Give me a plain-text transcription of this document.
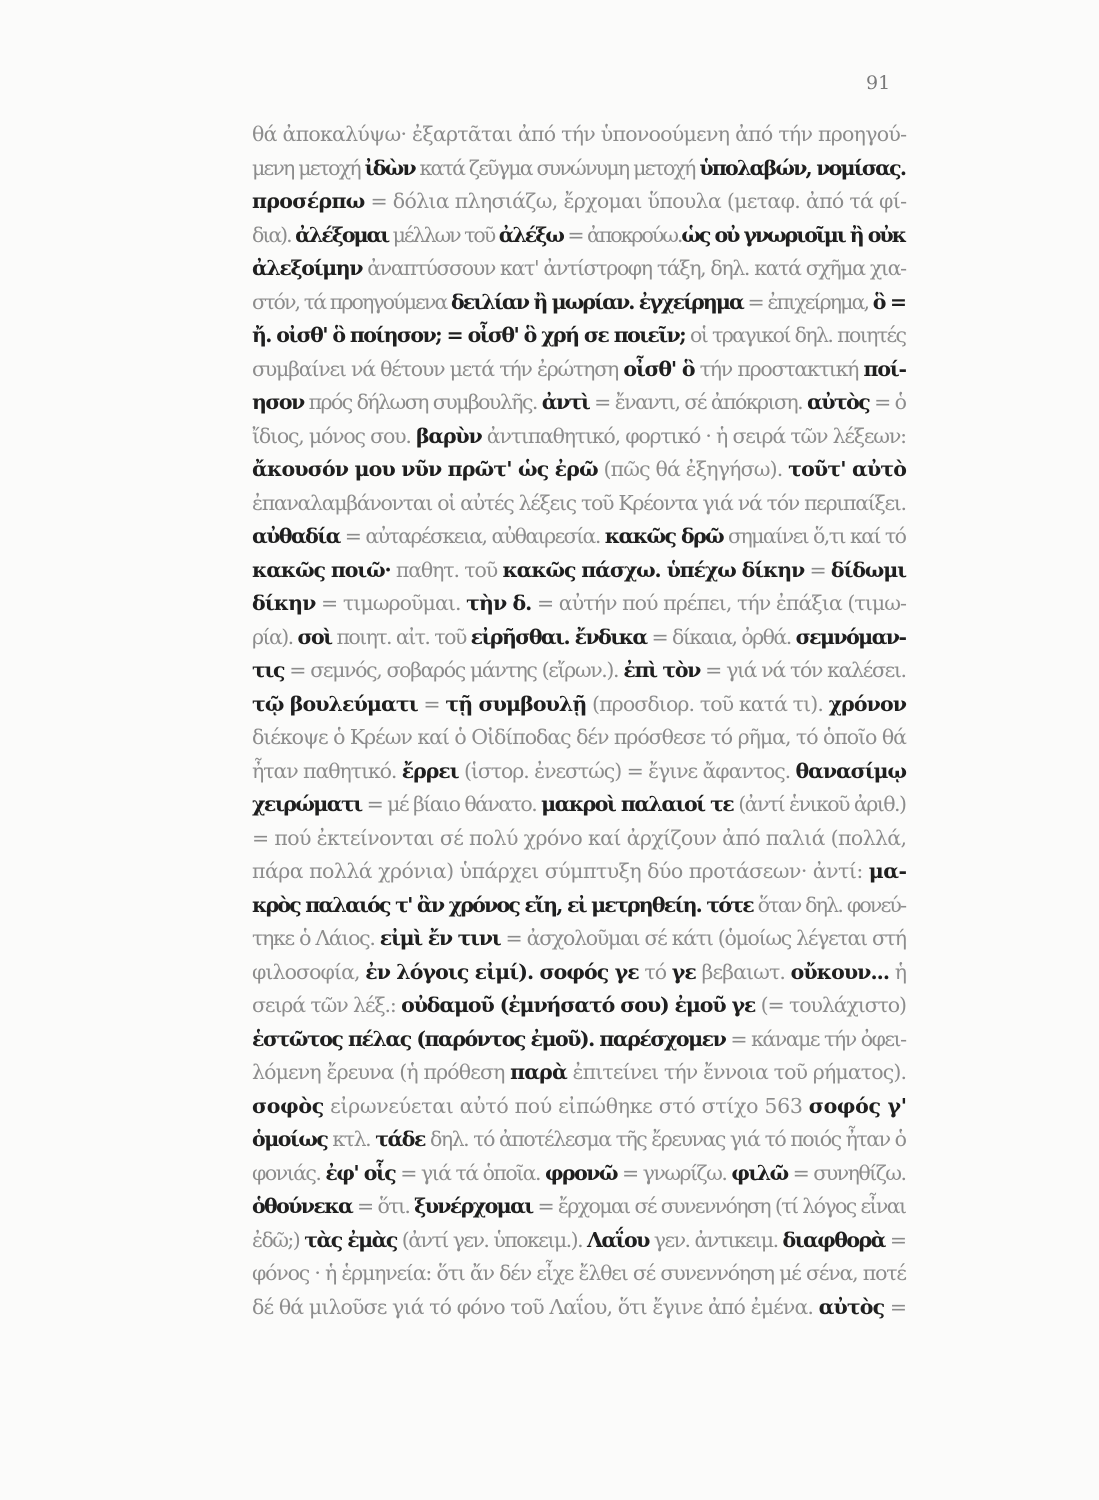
91
θά ἀποκαλύψω· ἐξαρτᾶται ἀπό τήν ὑπονοούμενη ἀπό τήν προηγού-
μενη μετοχή ἰδὼν κατά ζεῦγμα συνώνυμη μετοχή ὑπολαβών, νομίσας.
προσέρπω = δόλια πλησιάζω, ἔρχομαι ὕπουλα (μεταφ. ἀπό τά φί-
δια). ἀλέξομαι μέλλων τοῦ ἀλέξω = ἀποκρούω.ὡς οὐ γνωριοῖμι ἢ οὐκ
ἀλεξοίμην ἀναπτύσσουν κατ' ἀντίστροφη τάξη, δηλ. κατά σχῆμα χια-
στόν, τά προηγούμενα δειλίαν ἢ μωρίαν. ἐγχείρημα = ἐπιχείρημα, ὃ =
ἤ. οἰσθ' ὃ ποίησον; = οἶσθ' ὃ χρή σε ποιεῖν; οἱ τραγικοί δηλ. ποιητές
συμβαίνει νά θέτουν μετά τήν ἐρώτηση οἶσθ' ὃ τήν προστακτική ποί-
ησον πρός δήλωση συμβουλῆς. ἀντὶ = ἔναντι, σέ ἀπόκριση. αὐτὸς = ὁ
ἴδιος, μόνος σου. βαρὺν ἀντιπαθητικό, φορτικό · ἡ σειρά τῶν λέξεων:
ἄκουσόν μου νῦν πρῶτ' ὡς ἐρῶ (πῶς θά ἐξηγήσω). τοῦτ' αὐτὸ
ἐπαναλαμβάνονται οἱ αὐτές λέξεις τοῦ Κρέοντα γιά νά τόν περιπαίξει.
αὐθαδία = αὐταρέσκεια, αὐθαιρεσία. κακῶς δρῶ σημαίνει ὅ,τι καί τό
κακῶς ποιῶ· παθητ. τοῦ κακῶς πάσχω. ὑπέχω δίκην = δίδωμι
δίκην = τιμωροῦμαι. τὴν δ. = αὐτήν πού πρέπει, τήν ἐπάξια (τιμω-
ρία). σοὶ ποιητ. αἰτ. τοῦ εἰρῆσθαι. ἔνδικα = δίκαια, ὀρθά. σεμνόμαν-
τις = σεμνός, σοβαρός μάντης (εἴρων.). ἐπὶ τὸν = γιά νά τόν καλέσει.
τῷ βουλεύματι = τῇ συμβουλῇ (προσδιορ. τοῦ κατά τι). χρόνον
διέκοψε ὁ Κρέων καί ὁ Οἰδίποδας δέν πρόσθεσε τό ρῆμα, τό ὁποῖο θά
ἦταν παθητικό. ἔρρει (ἱστορ. ἐνεστώς) = ἔγινε ἄφαντος. θανασίμῳ
χειρώματι = μέ βίαιο θάνατο. μακροὶ παλαιοί τε (ἀντί ἑνικοῦ ἀριθ.)
= πού ἐκτείνονται σέ πολύ χρόνο καί ἀρχίζουν ἀπό παλιά (πολλά,
πάρα πολλά χρόνια) ὑπάρχει σύμπτυξη δύο προτάσεων· ἀντί: μα-
κρὸς παλαιός τ' ἂν χρόνος εἴη, εἰ μετρηθείη. τότε ὅταν δηλ. φονεύ-
τηκε ὁ Λάιος. εἰμὶ ἔν τινι = ἀσχολοῦμαι σέ κάτι (ὁμοίως λέγεται στή
φιλοσοφία, ἐν λόγοις εἰμί). σοφός γε τό γε βεβαιωτ. οὔκουν... ἡ
σειρά τῶν λέξ.: οὐδαμοῦ (ἐμνήσατό σου) ἐμοῦ γε (= τουλάχιστο)
ἑστῶτος πέλας (παρόντος ἐμοῦ). παρέσχομεν = κάναμε τήν ὀφει-
λόμενη ἔρευνα (ἡ πρόθεση παρὰ ἐπιτείνει τήν ἔννοια τοῦ ρήματος).
σοφὸς εἰρωνεύεται αὐτό πού εἰπώθηκε στό στίχο 563 σοφός γ'
ὁμοίως κτλ. τάδε δηλ. τό ἀποτέλεσμα τῆς ἔρευνας γιά τό ποιός ἦταν ὁ
φονιάς. ἐφ' οἷς = γιά τά ὁποῖα. φρονῶ = γνωρίζω. φιλῶ = συνηθίζω.
ὁθούνεκα = ὅτι. ξυνέρχομαι = ἔρχομαι σέ συνεννόηση (τί λόγος εἶναι
ἐδῶ;) τὰς ἐμὰς (ἀντί γεν. ὑποκειμ.). Λαΐου γεν. ἀντικειμ. διαφθορὰ =
φόνος · ἡ ἑρμηνεία: ὅτι ἄν δέν εἶχε ἔλθει σέ συνεννόηση μέ σένα, ποτέ
δέ θά μιλοῦσε γιά τό φόνο τοῦ Λαΐου, ὅτι ἔγινε ἀπό ἐμένα. αὐτὸς =
